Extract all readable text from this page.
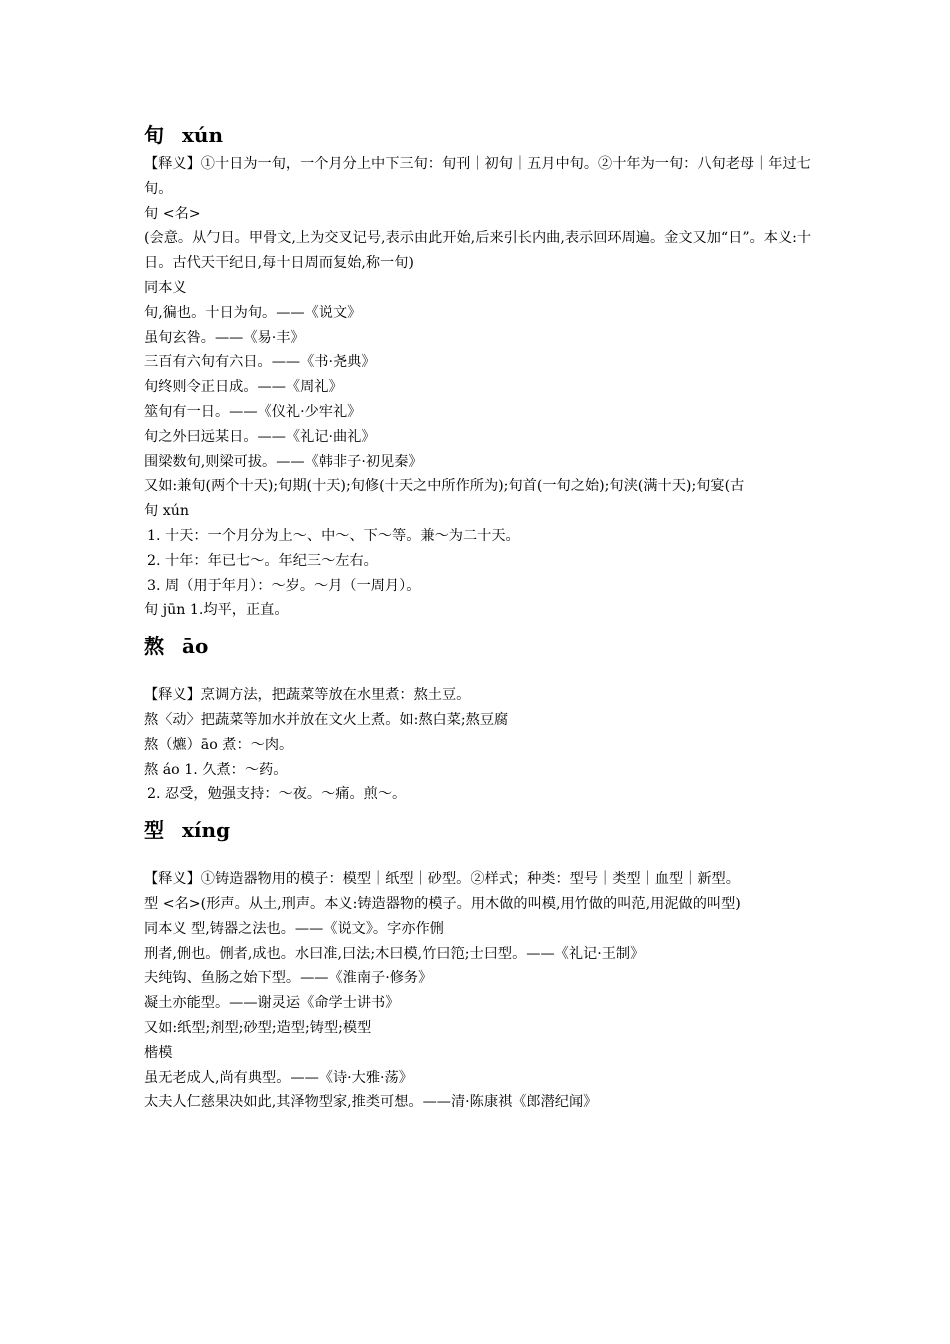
旬 xún

【释义】①十日为一旬，一个月分上中下三旬：旬刊｜初旬｜五月中旬。②十年为一旬：八旬老母｜年过七旬。

旬 <名>

(会意。从勹日。甲骨文,上为交叉记号,表示由此开始,后来引长内曲,表示回环周遍。金文又加“日”。本义:十日。古代天干纪日,每十日周而复始,称一旬)

同本义

旬,徧也。十日为旬。——《说文》

虽旬玄咎。——《易·丰》

三百有六旬有六日。——《书·尧典》

旬终则令正日成。——《周礼》

筮旬有一日。——《仪礼·少牢礼》

旬之外曰远某日。——《礼记·曲礼》

围梁数旬,则梁可拔。——《韩非子·初见秦》

又如:兼旬(两个十天);旬期(十天);旬修(十天之中所作所为);旬首(一旬之始);旬浃(满十天);旬宴(古

旬 xún

1. 十天：一个月分为上～、中～、下～等。兼～为二十天。

2. 十年：年已七～。年纪三～左右。

3. 周（用于年月）：～岁。～月（一周月）。

旬 jūn 1.均平，正直。

熬 āo

【释义】烹调方法，把蔬菜等放在水里煮：熬土豆。

熬〈动〉把蔬菜等加水并放在文火上煮。如:熬白菜;熬豆腐

熬（爊）āo 煮：～肉。

熬 áo 1. 久煮：～药。

2. 忍受，勉强支持：～夜。～痛。煎～。

型 xíng

【释义】①铸造器物用的模子：模型｜纸型｜砂型。②样式；种类：型号｜类型｜血型｜新型。

型 <名>(形声。从土,刑声。本义:铸造器物的模子。用木做的叫模,用竹做的叫范,用泥做的叫型)

同本义 型,铸器之法也。——《说文》。字亦作侀

刑者,侀也。侀者,成也。水曰准,曰法;木曰模,竹曰笵;士曰型。——《礼记·王制》

夫纯钩、鱼肠之始下型。——《淮南子·修务》

凝土亦能型。——谢灵运《命学士讲书》

又如:纸型;剂型;砂型;造型;铸型;模型

楷模

虽无老成人,尚有典型。——《诗·大雅·荡》

太夫人仁慈果决如此,其泽物型家,推类可想。——清·陈康祺《郎潜纪闻》
